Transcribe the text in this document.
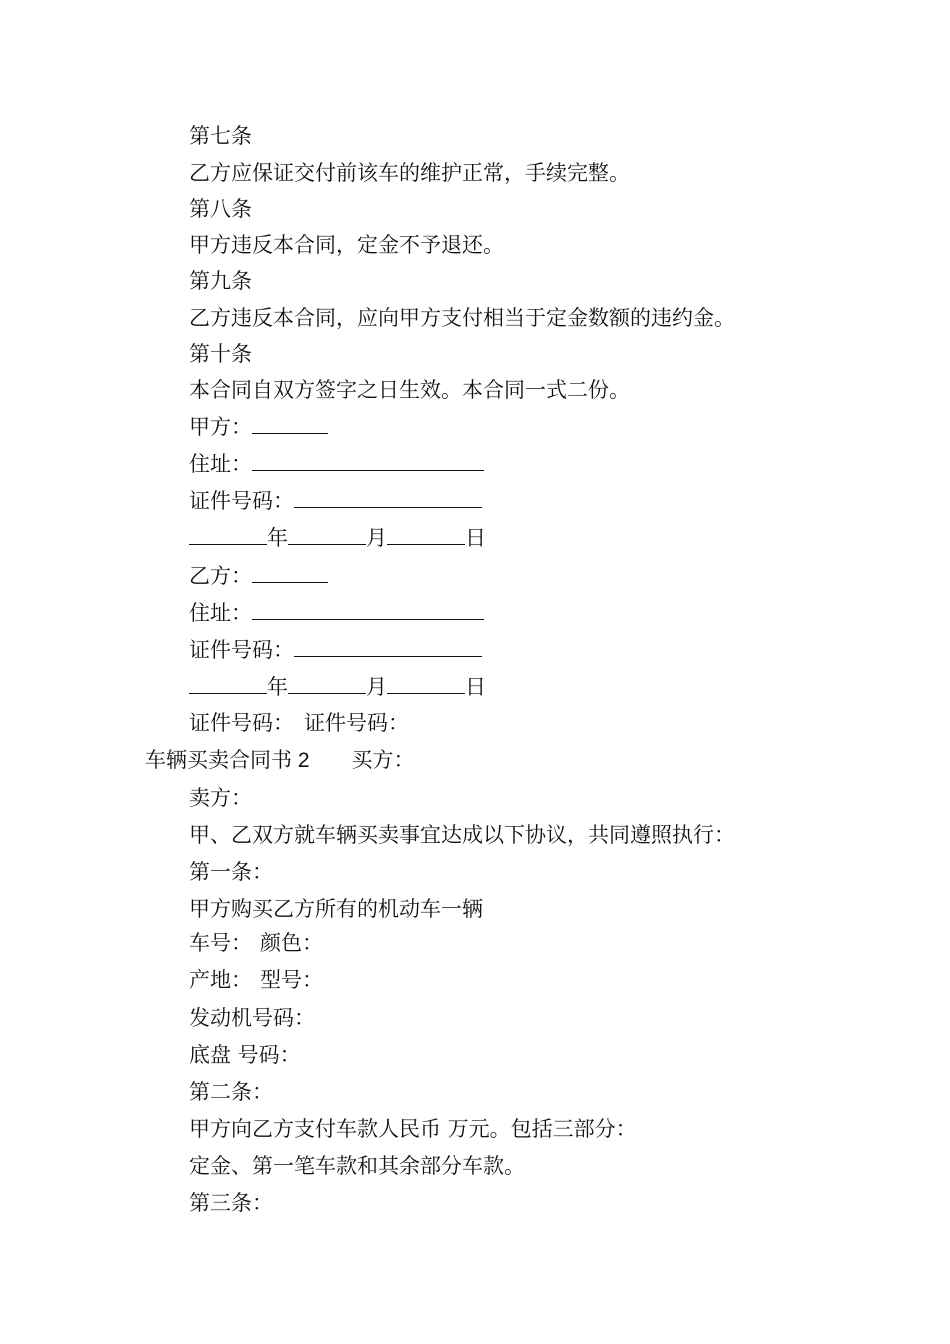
第七条
乙方应保证交付前该车的维护正常，手续完整。
第八条
甲方违反本合同，定金不予退还。
第九条
乙方违反本合同，应向甲方支付相当于定金数额的违约金。
第十条
本合同自双方签字之日生效。本合同一式二份。
甲方：
住址：
证件号码：
年	月	日
乙方：
住址：
证件号码：
年	月	日
证件号码： 证件号码：
车辆买卖合同书 2 买方：
卖方：
甲、乙双方就车辆买卖事宜达成以下协议，共同遵照执行：
第一条：
甲方购买乙方所有的机动车一辆
车号： 颜色：
产地： 型号：
发动机号码：
底盘 号码：
第二条：
甲方向乙方支付车款人民币 万元。包括三部分：
定金、第一笔车款和其余部分车款。
第三条：
